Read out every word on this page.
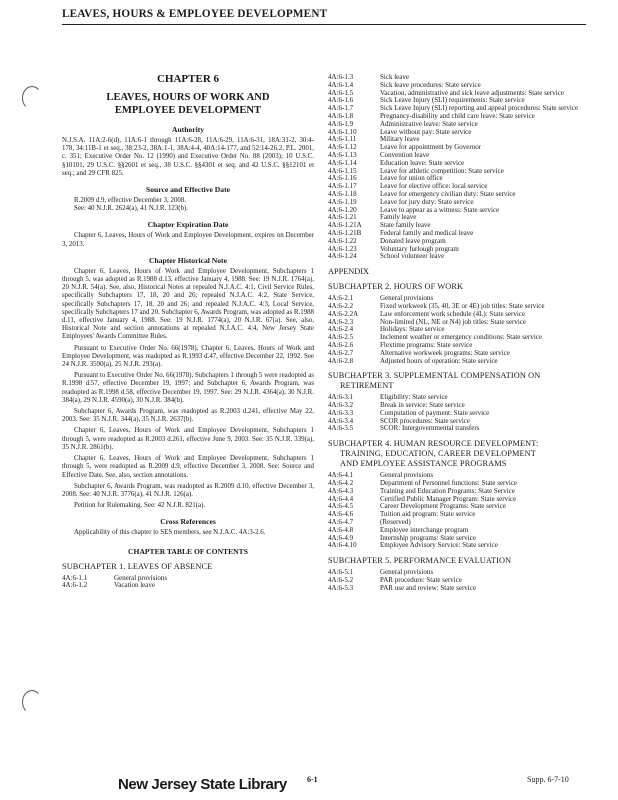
LEAVES, HOURS & EMPLOYEE DEVELOPMENT
CHAPTER 6
LEAVES, HOURS OF WORK AND
EMPLOYEE DEVELOPMENT
Authority
N.J.S.A. 11A:2-6(d), 11A:6-1 through 11A:6-28, 11A:6-29, 11A:6-31, 18A:31-2, 30:4-178, 34:11B-1 et seq., 38:23-2, 38A:1-1, 38A:4-4, 40A:14-177, and 52:14-26.2, P.L. 2001, c. 351; Executive Order No. 12 (1990) and Executive Order No. 88 (2003); 10 U.S.C. §10101, 29 U.S.C. §§2601 et seq., 38 U.S.C. §§4301 et seq. and 42 U.S.C. §§12101 et seq.; and 29 CFR 825.
Source and Effective Date
R.2009 d.9, effective December 3, 2008.
See: 40 N.J.R. 2624(a), 41 N.J.R. 123(b).
Chapter Expiration Date
Chapter 6, Leaves, Hours of Work and Employee Development, expires on December 3, 2013.
Chapter Historical Note
Chapter 6, Leaves, Hours of Work and Employee Development, Subchapters 1 through 5, was adopted as R.1988 d.13, effective January 4, 1988. See: 19 N.J.R. 1764(a), 20 N.J.R. 54(a). See, also, Historical Notes at repealed N.J.A.C. 4:1, Civil Service Rules, specifically Subchapters 17, 18, 20 and 26; repealed N.J.A.C. 4:2, State Service, specifically Subchapters 17, 18, 20 and 26; and repealed N.J.A.C. 4:3, Local Service, specifically Subchapters 17 and 20. Subchapter 6, Awards Program, was adopted as R.1988 d.11, effective January 4, 1988. See: 19 N.J.R. 1774(a), 20 N.J.R. 67(a). See, also, Historical Note and section annotations at repealed N.J.A.C. 4:4, New Jersey State Employees' Awards Committee Rules.
Pursuant to Executive Order No. 66(1978), Chapter 6, Leaves, Hours of Work and Employee Development, was readopted as R.1993 d.47, effective December 22, 1992. See 24 N.J.R. 3590(a), 25 N.J.R. 293(a).
Pursuant to Executive Order No. 66(1978), Subchapters 1 through 5 were readopted as R.1998 d.57, effective December 19, 1997; and Subchapter 6, Awards Program, was readopted as R.1998 d.58, effective December 19, 1997. See: 29 N.J.R. 4364(a), 30 N.J.R. 384(a), 29 N.J.R. 4590(a), 30 N.J.R. 384(b).
Subchapter 6, Awards Program, was readopted as R.2003 d.241, effective May 22, 2003. See: 35 N.J.R. 344(a), 35 N.J.R. 2637(b).
Chapter 6, Leaves, Hours of Work and Employee Development, Subchapters 1 through 5, were readopted as R.2003 d.261, effective June 9, 2003. See: 35 N.J.R. 339(a), 35 N.J.R. 2861(b).
Chapter 6, Leaves, Hours of Work and Employee Development, Subchapters 1 through 5, were readopted as R.2009 d.9, effective December 3, 2008. See: Source and Effective Date. See, also, section annotations.
Subchapter 6, Awards Program, was readopted as R.2009 d.10, effective December 3, 2008. See: 40 N.J.R. 3776(a), 41 N.J.R. 126(a).
Petition for Rulemaking. See: 42 N.J.R. 821(a).
Cross References
Applicability of this chapter to SES members, see N.J.A.C. 4A:3-2.6.
CHAPTER TABLE OF CONTENTS
SUBCHAPTER 1. LEAVES OF ABSENCE
4A:6-1.1	General provisions
4A:6-1.2	Vacation leave
4A:6-1.3	Sick leave
4A:6-1.4	Sick leave procedures: State service
4A:6-1.5	Vacation, administrative and sick leave adjustments: State service
4A:6-1.6	Sick Leave Injury (SLI) requirements: State service
4A:6-1.7	Sick Leave Injury (SLI) reporting and appeal procedures: State service
4A:6-1.8	Pregnancy-disability and child care leave: State service
4A:6-1.9	Administrative leave: State service
4A:6-1.10	Leave without pay: State service
4A:6-1.11	Military leave
4A:6-1.12	Leave for appointment by Governor
4A:6-1.13	Convention leave
4A:6-1.14	Education leave: State service
4A:6-1.15	Leave for athletic competition: State service
4A:6-1.16	Leave for union office
4A:6-1.17	Leave for elective office: local service
4A:6-1.18	Leave for emergency civilian duty: State service
4A:6-1.19	Leave for jury duty: State service
4A:6-1.20	Leave to appear as a witness: State service
4A:6-1.21	Family leave
4A:6-1.21A	State family leave
4A:6-1.21B	Federal family and medical leave
4A:6-1.22	Donated leave program
4A:6-1.23	Voluntary furlough program
4A:6-1.24	School volunteer leave
APPENDIX
SUBCHAPTER 2. HOURS OF WORK
4A:6-2.1	General provisions
4A:6-2.2	Fixed workweek (35, 40, 3E or 4E) job titles: State service
4A:6-2.2A	Law enforcement work schedule (4L): State service
4A:6-2.3	Non-limited (NL, NE or N4) job titles: State service
4A:6-2.4	Holidays: State service
4A:6-2.5	Inclement weather or emergency conditions: State service
4A:6-2.6	Flextime programs: State service
4A:6-2.7	Alternative workweek programs: State service
4A:6-2.8	Adjusted hours of operation: State service
SUBCHAPTER 3. SUPPLEMENTAL COMPENSATION ON
RETIREMENT
4A:6-3.1	Eligibility: State service
4A:6-3.2	Break in service: State service
4A:6-3.3	Computation of payment: State service
4A:6-3.4	SCOR procedures: State service
4A:6-3.5	SCOR: Intergovernmental transfers
SUBCHAPTER 4. HUMAN RESOURCE DEVELOPMENT:
TRAINING, EDUCATION, CAREER DEVELOPMENT
AND EMPLOYEE ASSISTANCE PROGRAMS
4A:6-4.1	General provisions
4A:6-4.2	Department of Personnel functions: State service
4A:6-4.3	Training and Education Programs: State Service
4A:6-4.4	Certified Public Manager Program: State service
4A:6-4.5	Career Development Programs: State service
4A:6-4.6	Tuition aid program: State service
4A:6-4.7	(Reserved)
4A:6-4.8	Employee interchange program
4A:6-4.9	Internship programs: State service
4A:6-4.10	Employee Advisory Service: State service
SUBCHAPTER 5. PERFORMANCE EVALUATION
4A:6-5.1	General provisions
4A:6-5.2	PAR procedure: State service
4A:6-5.3	PAR use and review: State service
New Jersey State Library	6-1	Supp. 6-7-10
